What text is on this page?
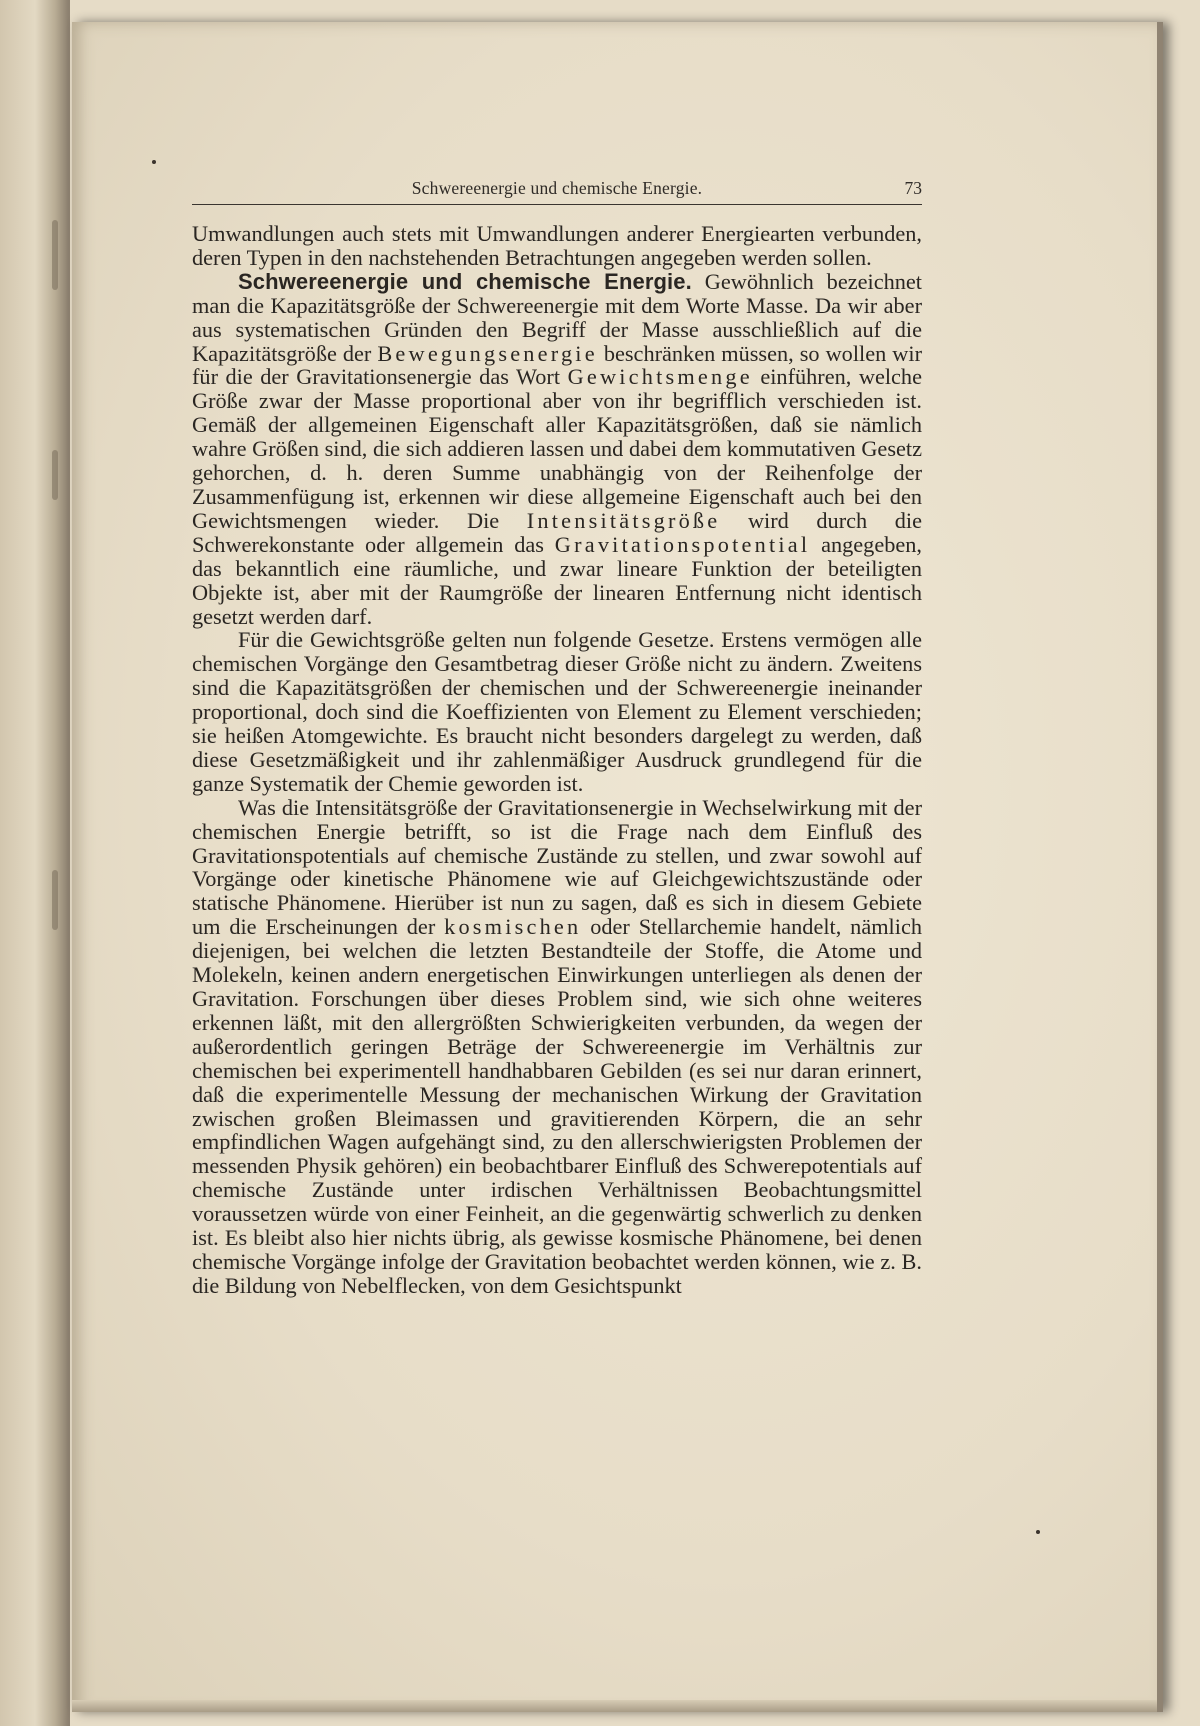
Schwereenergie und chemische Energie.	73

Umwandlungen auch stets mit Umwandlungen anderer Energiearten verbunden, deren Typen in den nachstehenden Betrachtungen angegeben werden sollen.

Schwereenergie und chemische Energie. Gewöhnlich bezeichnet man die Kapazitätsgröße der Schwereenergie mit dem Worte Masse. Da wir aber aus systematischen Gründen den Begriff der Masse ausschließlich auf die Kapazitätsgröße der Bewegungsenergie beschränken müssen, so wollen wir für die der Gravitationsenergie das Wort Gewichtsmenge einführen, welche Größe zwar der Masse proportional aber von ihr begrifflich verschieden ist. Gemäß der allgemeinen Eigenschaft aller Kapazitätsgrößen, daß sie nämlich wahre Größen sind, die sich addieren lassen und dabei dem kommutativen Gesetz gehorchen, d. h. deren Summe unabhängig von der Reihenfolge der Zusammenfügung ist, erkennen wir diese allgemeine Eigenschaft auch bei den Gewichtsmengen wieder. Die Intensitätsgröße wird durch die Schwerekonstante oder allgemein das Gravitationspotential angegeben, das bekanntlich eine räumliche, und zwar lineare Funktion der beteiligten Objekte ist, aber mit der Raumgröße der linearen Entfernung nicht identisch gesetzt werden darf.

Für die Gewichtsgröße gelten nun folgende Gesetze. Erstens vermögen alle chemischen Vorgänge den Gesamtbetrag dieser Größe nicht zu ändern. Zweitens sind die Kapazitätsgrößen der chemischen und der Schwereenergie ineinander proportional, doch sind die Koeffizienten von Element zu Element verschieden; sie heißen Atomgewichte. Es braucht nicht besonders dargelegt zu werden, daß diese Gesetzmäßigkeit und ihr zahlenmäßiger Ausdruck grundlegend für die ganze Systematik der Chemie geworden ist.

Was die Intensitätsgröße der Gravitationsenergie in Wechselwirkung mit der chemischen Energie betrifft, so ist die Frage nach dem Einfluß des Gravitationspotentials auf chemische Zustände zu stellen, und zwar sowohl auf Vorgänge oder kinetische Phänomene wie auf Gleichgewichtszustände oder statische Phänomene. Hierüber ist nun zu sagen, daß es sich in diesem Gebiete um die Erscheinungen der kosmischen oder Stellarchemie handelt, nämlich diejenigen, bei welchen die letzten Bestandteile der Stoffe, die Atome und Molekeln, keinen andern energetischen Einwirkungen unterliegen als denen der Gravitation. Forschungen über dieses Problem sind, wie sich ohne weiteres erkennen läßt, mit den allergrößten Schwierigkeiten verbunden, da wegen der außerordentlich geringen Beträge der Schwereenergie im Verhältnis zur chemischen bei experimentell handhabbaren Gebilden (es sei nur daran erinnert, daß die experimentelle Messung der mechanischen Wirkung der Gravitation zwischen großen Bleimassen und gravitierenden Körpern, die an sehr empfindlichen Wagen aufgehängt sind, zu den allerschwierigsten Problemen der messenden Physik gehören) ein beobachtbarer Einfluß des Schwerepotentials auf chemische Zustände unter irdischen Verhältnissen Beobachtungsmittel voraussetzen würde von einer Feinheit, an die gegenwärtig schwerlich zu denken ist. Es bleibt also hier nichts übrig, als gewisse kosmische Phänomene, bei denen chemische Vorgänge infolge der Gravitation beobachtet werden können, wie z. B. die Bildung von Nebelflecken, von dem Gesichtspunkt
